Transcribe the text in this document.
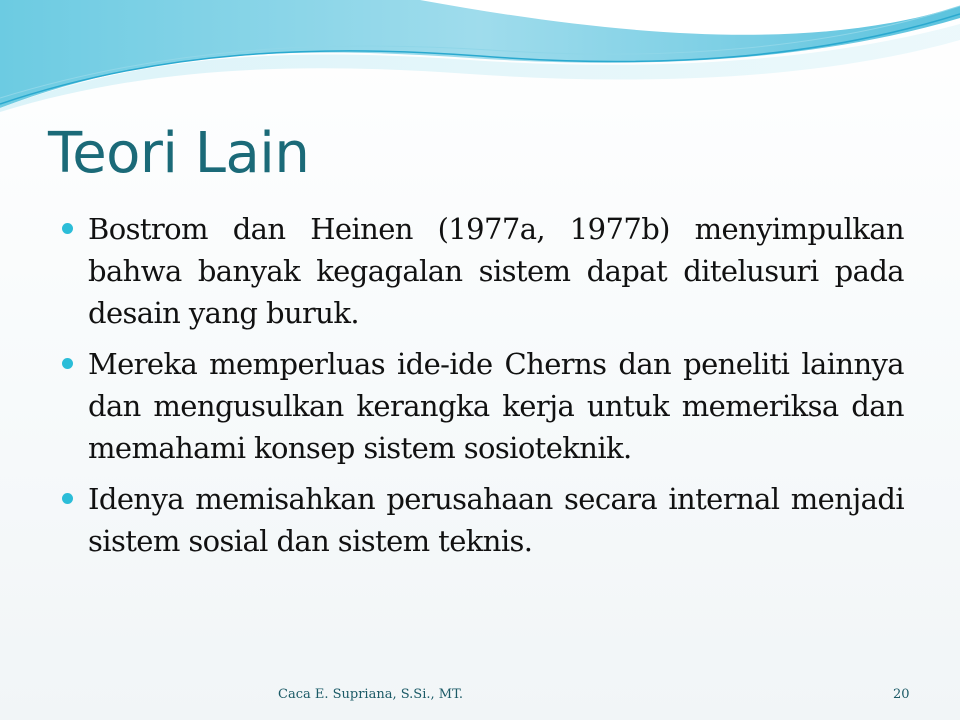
Teori Lain
Bostrom dan Heinen (1977a, 1977b) menyimpulkan bahwa banyak kegagalan sistem dapat ditelusuri pada desain yang buruk.
Mereka memperluas ide-ide Cherns dan peneliti lainnya dan mengusulkan kerangka kerja untuk memeriksa dan memahami konsep sistem sosioteknik.
Idenya memisahkan perusahaan secara internal menjadi sistem sosial dan sistem teknis.
Caca E. Supriana, S.Si., MT.	20
